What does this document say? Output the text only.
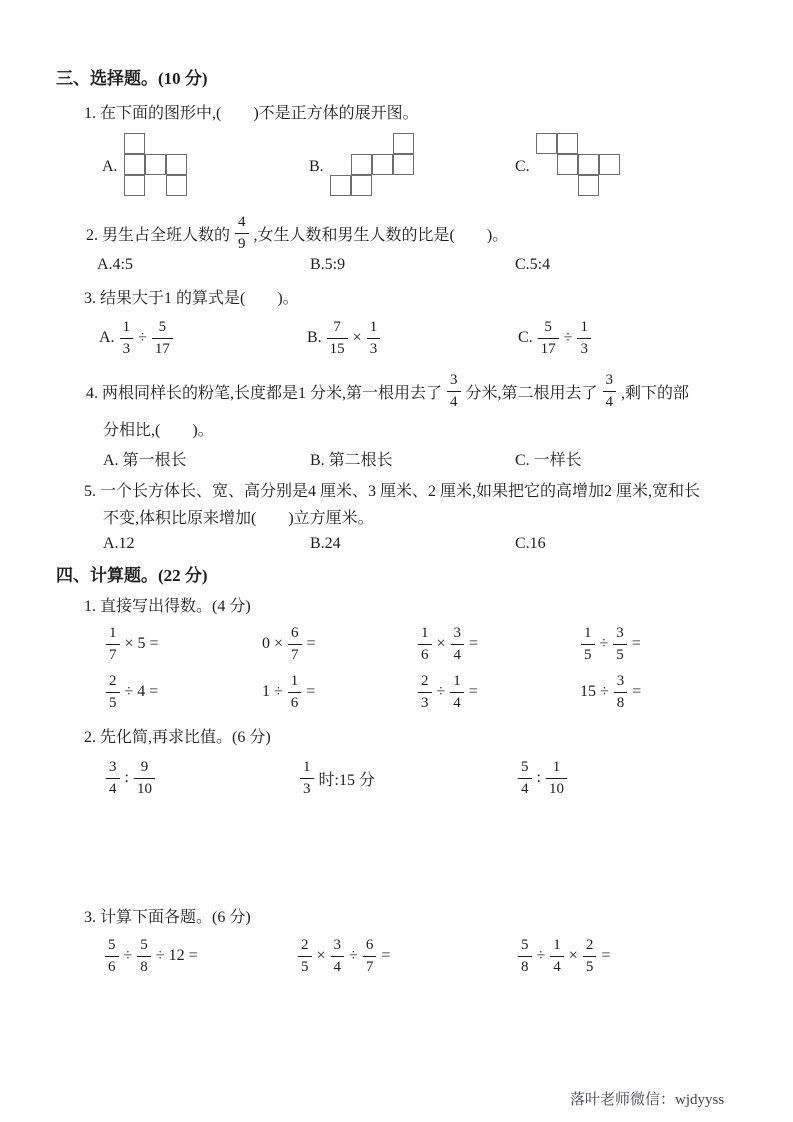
三、选择题。(10 分)
1. 在下面的图形中,(　　)不是正方体的展开图。
A.	B.	C.
2. 男生占全班人数的 $\frac{4}{9}$ ,女生人数和男生人数的比是(　　)。
A.4:5	B.5:9	C.5:4
3. 结果大于1 的算式是(　　)。
A. $\frac{1}{3} \div \frac{5}{17}$	B. $\frac{7}{15} \times \frac{1}{3}$	C. $\frac{5}{17} \div \frac{1}{3}$
4. 两根同样长的粉笔,长度都是1 分米,第一根用去了 $\frac{3}{4}$ 分米,第二根用去了 $\frac{3}{4}$ ,剩下的部
分相比,(　　)。
A. 第一根长	B. 第二根长	C. 一样长
5. 一个长方体长、宽、高分别是4 厘米、3 厘米、2 厘米,如果把它的高增加2 厘米,宽和长
不变,体积比原来增加(　　)立方厘米。
A.12	B.24	C.16
四、计算题。(22 分)
1. 直接写出得数。(4 分)
$\frac{1}{7} \times 5$ =	$0 \times \frac{6}{7}$ =	$\frac{1}{6} \times \frac{3}{4}$ =	$\frac{1}{5} \div \frac{3}{5}$ =
$\frac{2}{5} \div 4$ =	$1 \div \frac{1}{6}$ =	$\frac{2}{3} \div \frac{1}{4}$ =	$15 \div \frac{3}{8}$ =
2. 先化简,再求比值。(6 分)
$\frac{3}{4}$ : $\frac{9}{10}$	$\frac{1}{3}$ 时:15 分	$\frac{5}{4}$ : $\frac{1}{10}$
3. 计算下面各题。(6 分)
$\frac{5}{6} \div \frac{5}{8} \div 12$ =	$\frac{2}{5} \times \frac{3}{4} \div \frac{6}{7}$ =	$\frac{5}{8} \div \frac{1}{4} \times \frac{2}{5}$ =
落叶老师微信：wjdyyss
